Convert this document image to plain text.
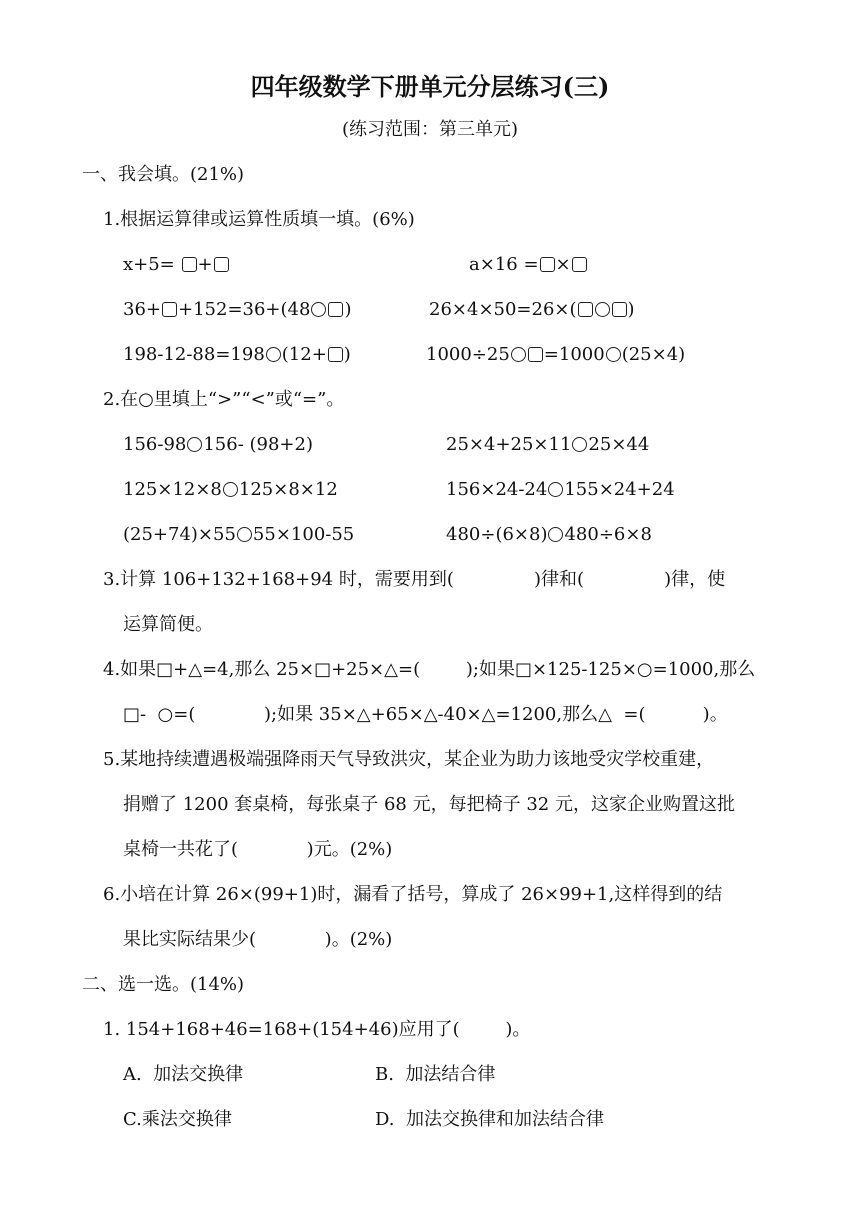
四年级数学下册单元分层练习(三)
(练习范围：第三单元)
一、我会填。(21%)
1.根据运算律或运算性质填一填。(6%)
x+5= +	a×16 = ×
36+ +152=36+(48 )	26×4×50=26×(	)
198-12-88=198 (12+ )	1000÷25 =1000 (25×4)
2.在○里填上“>”“<”或“=”。
156-98 156- (98+2)	25×4+25×11 25×44
125×12×8 125×8×12	156×24-24 155×24+24
(25+74)×55 55×100-55	480÷(6×8) 480÷6×8
3.计算 106+132+168+94 时，需要用到(              )律和(              )律，使
运算简便。
4.如果□+△=4,那么 25×□+25×△=(        );如果□×125-125×○=1000,那么
□-  ○=(            );如果 35×△+65×△-40×△=1200,那么△  =(          )。
5.某地持续遭遇极端强降雨天气导致洪灾，某企业为助力该地受灾学校重建，
捐赠了 1200 套桌椅，每张桌子 68 元，每把椅子 32 元，这家企业购置这批
桌椅一共花了(            )元。(2%)
6.小培在计算 26×(99+1)时，漏看了括号，算成了 26×99+1,这样得到的结
果比实际结果少(            )。(2%)
二、选一选。(14%)
1. 154+168+46=168+(154+46)应用了(        )。
A.  加法交换律	B.  加法结合律
C.乘法交换律	D.  加法交换律和加法结合律
